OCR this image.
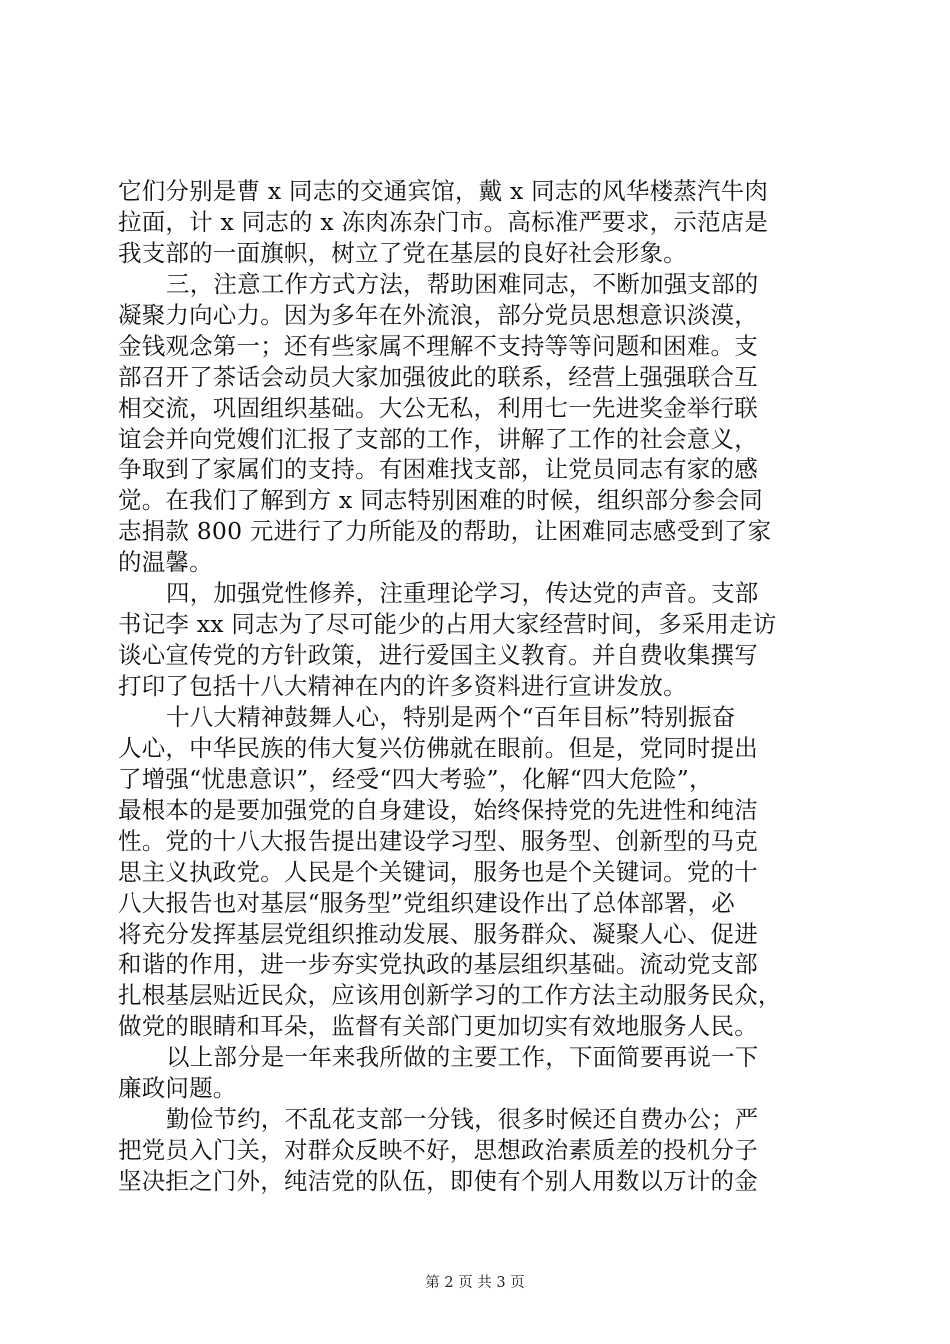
它们分别是曹 x 同志的交通宾馆，戴 x 同志的风华楼蒸汽牛肉
拉面，计 x 同志的 x 冻肉冻杂门市。高标准严要求，示范店是
我支部的一面旗帜，树立了党在基层的良好社会形象。
三，注意工作方式方法，帮助困难同志，不断加强支部的
凝聚力向心力。因为多年在外流浪，部分党员思想意识淡漠，
金钱观念第一；还有些家属不理解不支持等等问题和困难。支
部召开了茶话会动员大家加强彼此的联系，经营上强强联合互
相交流，巩固组织基础。大公无私，利用七一先进奖金举行联
谊会并向党嫂们汇报了支部的工作，讲解了工作的社会意义，
争取到了家属们的支持。有困难找支部，让党员同志有家的感
觉。在我们了解到方 x 同志特别困难的时候，组织部分参会同
志捐款 800 元进行了力所能及的帮助，让困难同志感受到了家
的温馨。
四，加强党性修养，注重理论学习，传达党的声音。支部
书记李 xx 同志为了尽可能少的占用大家经营时间，多采用走访
谈心宣传党的方针政策，进行爱国主义教育。并自费收集撰写
打印了包括十八大精神在内的许多资料进行宣讲发放。
十八大精神鼓舞人心，特别是两个“百年目标”特别振奋
人心，中华民族的伟大复兴仿佛就在眼前。但是，党同时提出
了增强“忧患意识”，经受“四大考验”，化解“四大危险”，
最根本的是要加强党的自身建设，始终保持党的先进性和纯洁
性。党的十八大报告提出建设学习型、服务型、创新型的马克
思主义执政党。人民是个关键词，服务也是个关键词。党的十
八大报告也对基层“服务型”党组织建设作出了总体部署，必
将充分发挥基层党组织推动发展、服务群众、凝聚人心、促进
和谐的作用，进一步夯实党执政的基层组织基础。流动党支部
扎根基层贴近民众，应该用创新学习的工作方法主动服务民众，
做党的眼睛和耳朵，监督有关部门更加切实有效地服务人民。
以上部分是一年来我所做的主要工作，下面简要再说一下
廉政问题。
勤俭节约，不乱花支部一分钱，很多时候还自费办公；严
把党员入门关，对群众反映不好，思想政治素质差的投机分子
坚决拒之门外，纯洁党的队伍，即使有个别人用数以万计的金
第 2 页 共 3 页
